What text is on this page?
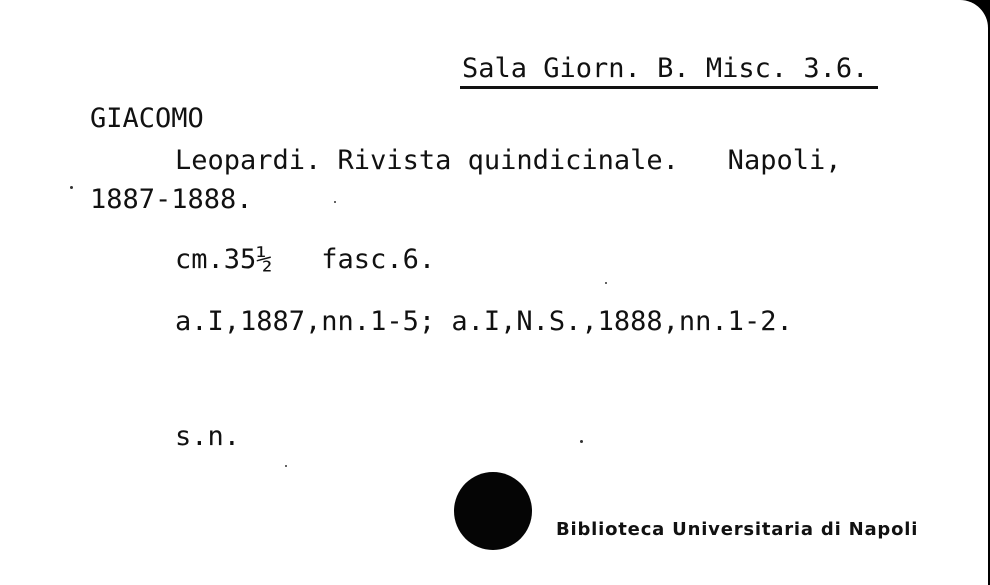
Sala Giorn. B. Misc. 3.6.
GIACOMO
Leopardi. Rivista quindicinale.   Napoli,
1887-1888.
cm.35½   fasc.6.
a.I,1887,nn.1-5; a.I,N.S.,1888,nn.1-2.
s.n.
Biblioteca Universitaria di Napoli
